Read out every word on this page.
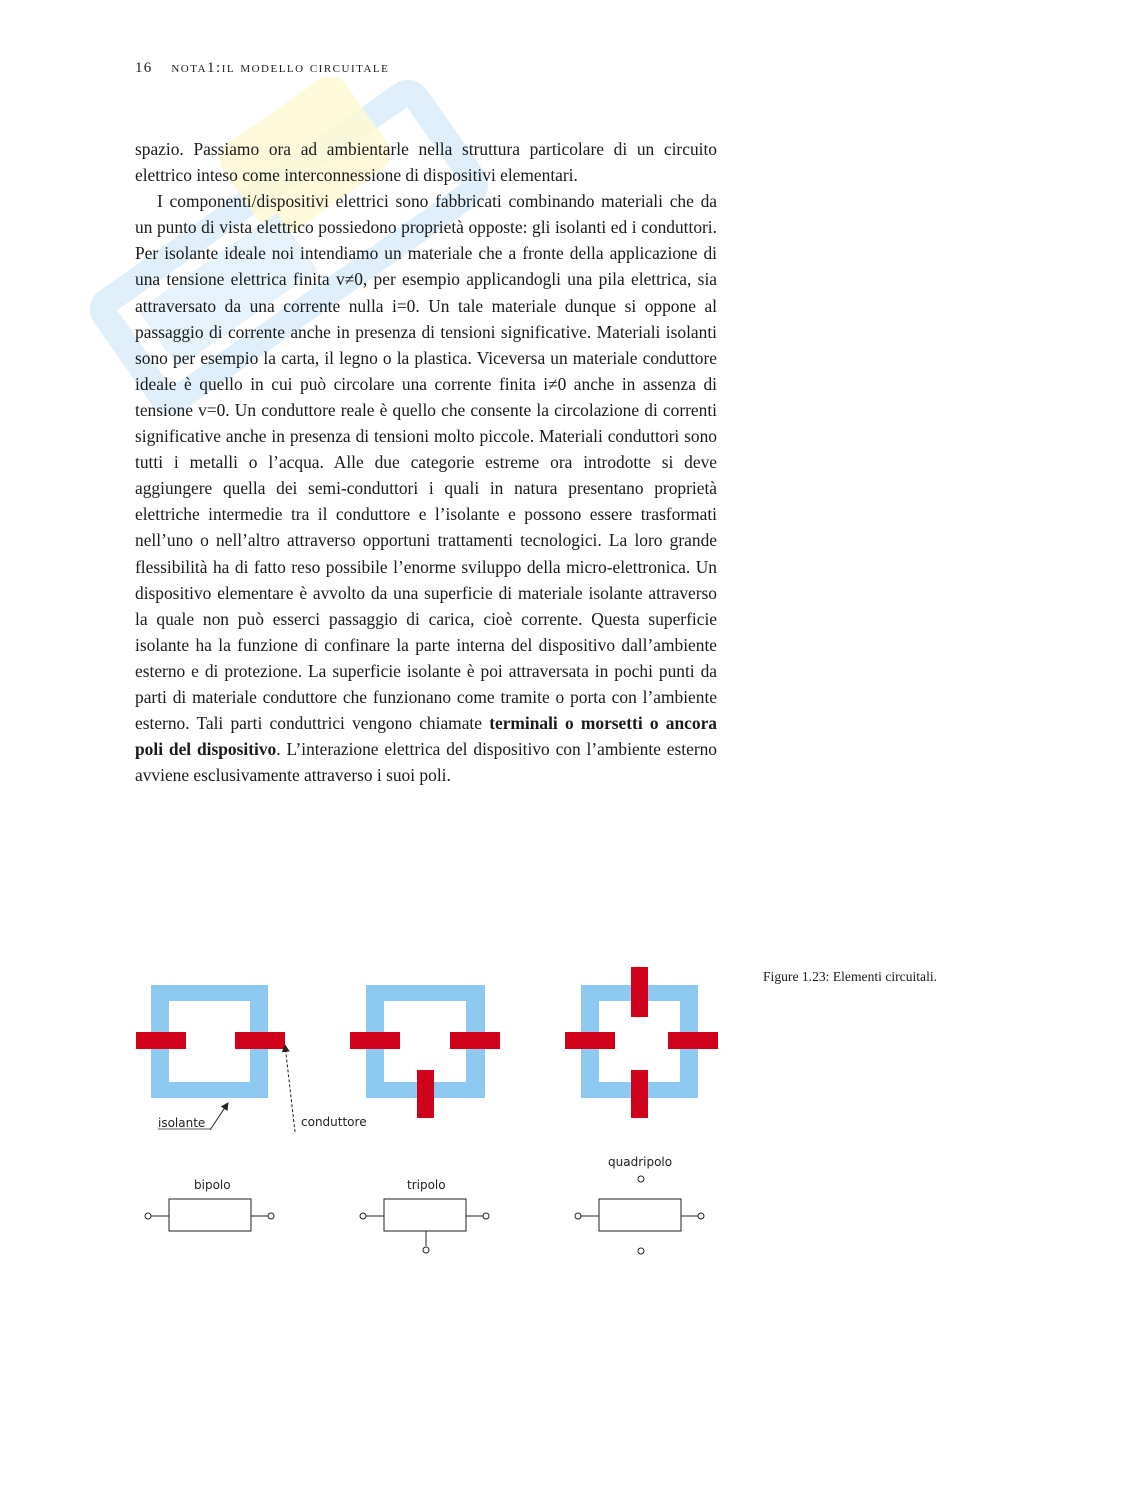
16 nota1:il modello circuitale

spazio. Passiamo ora ad ambientarle nella struttura particolare di un circuito elettrico inteso come interconnessione di dispositivi elementari.

I componenti/dispositivi elettrici sono fabbricati combinando materiali che da un punto di vista elettrico possiedono proprietà opposte: gli isolanti ed i conduttori. Per isolante ideale noi intendiamo un materiale che a fronte della applicazione di una tensione elettrica finita v≠0, per esempio applicandogli una pila elettrica, sia attraversato da una corrente nulla i=0. Un tale materiale dunque si oppone al passaggio di corrente anche in presenza di tensioni significative. Materiali isolanti sono per esempio la carta, il legno o la plastica. Viceversa un materiale conduttore ideale è quello in cui può circolare una corrente finita i≠0 anche in assenza di tensione v=0. Un conduttore reale è quello che consente la circolazione di correnti significative anche in presenza di tensioni molto piccole. Materiali conduttori sono tutti i metalli o l’acqua. Alle due categorie estreme ora introdotte si deve aggiungere quella dei semi-conduttori i quali in natura presentano proprietà elettriche intermedie tra il conduttore e l’isolante e possono essere trasformati nell’uno o nell’altro attraverso opportuni trattamenti tecnologici. La loro grande flessibilità ha di fatto reso possibile l’enorme sviluppo della micro-elettronica. Un dispositivo elementare è avvolto da una superficie di materiale isolante attraverso la quale non può esserci passaggio di carica, cioè corrente. Questa superficie isolante ha la funzione di confinare la parte interna del dispositivo dall’ambiente esterno e di protezione. La superficie isolante è poi attraversata in pochi punti da parti di materiale conduttore che funzionano come tramite o porta con l’ambiente esterno. Tali parti conduttrici vengono chiamate terminali o morsetti o ancora poli del dispositivo. L’interazione elettrica del dispositivo con l’ambiente esterno avviene esclusivamente attraverso i suoi poli.

isolante	conduttore
bipolo	tripolo
quadripolo
Figure 1.23: Elementi circuitali.
